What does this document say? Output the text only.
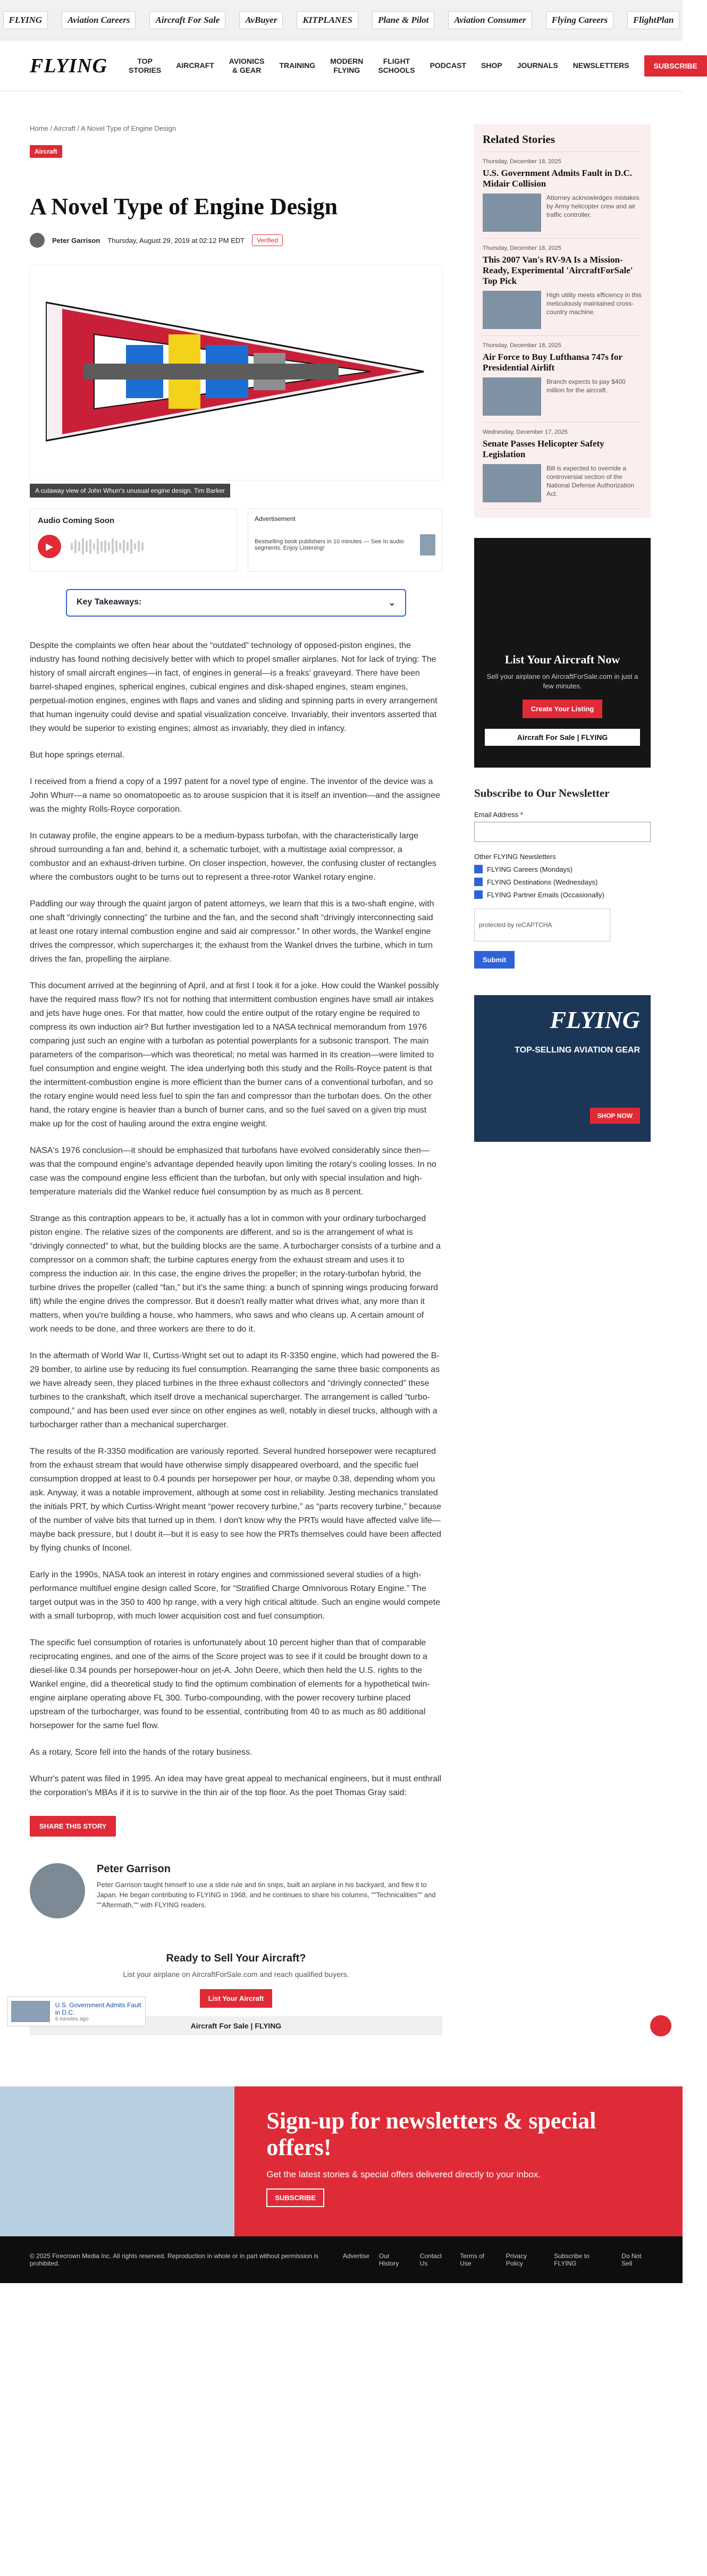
FLYING	Aviation Careers	Aircraft For Sale	AvBuyer	KITPLANES	Plane & Pilot	Aviation Consumer	Flying Careers	FlightPlan
FLYING	TOP STORIES
AIRCRAFT
AVIONICS & GEAR
TRAINING
MODERN FLYING
FLIGHT SCHOOLS
PODCAST SHOP JOURNALS NEWSLETTERS	SUBSCRIBE
Home / Aircraft / A Novel Type of Engine Design
Aircraft
A Novel Type of Engine Design
Peter Garrison Thursday, August 29, 2019 at 02:12 PM EDT	Verified
A cutaway view of John Whurr's unusual engine design. Tim Barker
Audio Coming Soon
▶
Advertisement
Bestselling book publishers in 10 minutes — See In audio segments. Enjoy Listening!
Key Takeaways:	⌄

Despite the complaints we often hear about the “outdated” technology of opposed-piston engines, the industry has found nothing decisively better with which to propel smaller airplanes. Not for lack of trying: The history of small aircraft engines—in fact, of engines in general—is a freaks' graveyard. There have been barrel-shaped engines, spherical engines, cubical engines and disk-shaped engines, steam engines, perpetual-motion engines, engines with flaps and vanes and sliding and spinning parts in every arrangement that human ingenuity could devise and spatial visualization conceive. Invariably, their inventors asserted that they would be superior to existing engines; almost as invariably, they died in infancy.

But hope springs eternal.

I received from a friend a copy of a 1997 patent for a novel type of engine. The inventor of the device was a John Whurr—a name so onomatopoetic as to arouse suspicion that it is itself an invention—and the assignee was the mighty Rolls-Royce corporation.

In cutaway profile, the engine appears to be a medium-bypass turbofan, with the characteristically large shroud surrounding a fan and, behind it, a schematic turbojet, with a multistage axial compressor, a combustor and an exhaust-driven turbine. On closer inspection, however, the confusing cluster of rectangles where the combustors ought to be turns out to represent a three-rotor Wankel rotary engine.

Paddling our way through the quaint jargon of patent attorneys, we learn that this is a two-shaft engine, with one shaft “drivingly connecting” the turbine and the fan, and the second shaft “drivingly interconnecting said at least one rotary internal combustion engine and said air compressor.” In other words, the Wankel engine drives the compressor, which supercharges it; the exhaust from the Wankel drives the turbine, which in turn drives the fan, propelling the airplane.

This document arrived at the beginning of April, and at first I took it for a joke. How could the Wankel possibly have the required mass flow? It's not for nothing that intermittent combustion engines have small air intakes and jets have huge ones. For that matter, how could the entire output of the rotary engine be required to compress its own induction air? But further investigation led to a NASA technical memorandum from 1976 comparing just such an engine with a turbofan as potential powerplants for a subsonic transport. The main parameters of the comparison—which was theoretical; no metal was harmed in its creation—were limited to fuel consumption and engine weight. The idea underlying both this study and the Rolls-Royce patent is that the intermittent-combustion engine is more efficient than the burner cans of a conventional turbofan, and so the rotary engine would need less fuel to spin the fan and compressor than the turbofan does. On the other hand, the rotary engine is heavier than a bunch of burner cans, and so the fuel saved on a given trip must make up for the cost of hauling around the extra engine weight.

NASA's 1976 conclusion—it should be emphasized that turbofans have evolved considerably since then—was that the compound engine's advantage depended heavily upon limiting the rotary's cooling losses. In no case was the compound engine less efficient than the turbofan, but only with special insulation and high-temperature materials did the Wankel reduce fuel consumption by as much as 8 percent.

Strange as this contraption appears to be, it actually has a lot in common with your ordinary turbocharged piston engine. The relative sizes of the components are different, and so is the arrangement of what is “drivingly connected” to what, but the building blocks are the same. A turbocharger consists of a turbine and a compressor on a common shaft; the turbine captures energy from the exhaust stream and uses it to compress the induction air. In this case, the engine drives the propeller; in the rotary-turbofan hybrid, the turbine drives the propeller (called “fan,” but it's the same thing: a bunch of spinning wings producing forward lift) while the engine drives the compressor. But it doesn't really matter what drives what, any more than it matters, when you're building a house, who hammers, who saws and who cleans up. A certain amount of work needs to be done, and three workers are there to do it.

In the aftermath of World War II, Curtiss-Wright set out to adapt its R-3350 engine, which had powered the B-29 bomber, to airline use by reducing its fuel consumption. Rearranging the same three basic components as we have already seen, they placed turbines in the three exhaust collectors and “drivingly connected” these turbines to the crankshaft, which itself drove a mechanical supercharger. The arrangement is called “turbo-compound,” and has been used ever since on other engines as well, notably in diesel trucks, although with a turbocharger rather than a mechanical supercharger.

The results of the R-3350 modification are variously reported. Several hundred horsepower were recaptured from the exhaust stream that would have otherwise simply disappeared overboard, and the specific fuel consumption dropped at least to 0.4 pounds per horsepower per hour, or maybe 0.38, depending whom you ask. Anyway, it was a notable improvement, although at some cost in reliability. Jesting mechanics translated the initials PRT, by which Curtiss-Wright meant “power recovery turbine,” as “parts recovery turbine,” because of the number of valve bits that turned up in them. I don't know why the PRTs would have affected valve life—maybe back pressure, but I doubt it—but it is easy to see how the PRTs themselves could have been affected by flying chunks of Inconel.

Early in the 1990s, NASA took an interest in rotary engines and commissioned several studies of a high-performance multifuel engine design called Score, for “Stratified Charge Omnivorous Rotary Engine.” The target output was in the 350 to 400 hp range, with a very high critical altitude. Such an engine would compete with a small turboprop, with much lower acquisition cost and fuel consumption.

The specific fuel consumption of rotaries is unfortunately about 10 percent higher than that of comparable reciprocating engines, and one of the aims of the Score project was to see if it could be brought down to a diesel-like 0.34 pounds per horsepower-hour on jet-A. John Deere, which then held the U.S. rights to the Wankel engine, did a theoretical study to find the optimum combination of elements for a hypothetical twin-engine airplane operating above FL 300. Turbo-compounding, with the power recovery turbine placed upstream of the turbocharger, was found to be essential, contributing from 40 to as much as 80 additional horsepower for the same fuel flow.

As a rotary, Score fell into the hands of the rotary business.

Whurr's patent was filed in 1995. An idea may have great appeal to mechanical engineers, but it must enthrall the corporation's MBAs if it is to survive in the thin air of the top floor. As the poet Thomas Gray said:

SHARE THIS STORY
Peter Garrison
Peter Garrison taught himself to use a slide rule and tin snips, built an airplane in his backyard, and flew it to Japan. He began contributing to FLYING in 1968, and he continues to share his columns, ""Technicalities"" and ""Aftermath,"" with FLYING readers.
Ready to Sell Your Aircraft?

List your airplane on AircraftForSale.com and reach qualified buyers.

List Your Aircraft
Aircraft For Sale | FLYING
Related Stories
Thursday, December 18, 2025
U.S. Government Admits Fault in D.C. Midair Collision
Attorney acknowledges mistakes by Army helicopter crew and air traffic controller.
Thursday, December 18, 2025
This 2007 Van's RV-9A Is a Mission-Ready, Experimental 'AircraftForSale' Top Pick
High utility meets efficiency in this meticulously maintained cross-country machine.
Thursday, December 18, 2025
Air Force to Buy Lufthansa 747s for Presidential Airlift
Branch expects to pay $400 million for the aircraft.
Wednesday, December 17, 2025
Senate Passes Helicopter Safety Legislation
Bill is expected to override a controversial section of the National Defense Authorization Act.
List Your Aircraft Now

Sell your airplane on AircraftForSale.com in just a few minutes.

Create Your Listing
Aircraft For Sale | FLYING
Subscribe to Our Newsletter
Email Address *
Other FLYING Newsletters
FLYING Careers (Mondays)
FLYING Destinations (Wednesdays)
FLYING Partner Emails (Occasionally)
protected by reCAPTCHA
Submit
FLYING
TOP-SELLING AVIATION GEAR
SHOP NOW
Sign-up for newsletters & special offers!

Get the latest stories & special offers delivered directly to your inbox.

SUBSCRIBE
© 2025 Firecrown Media Inc. All rights reserved. Reproduction in whole or in part without permission is prohibited.
Advertise Our History
Contact Us
Terms of Use
Privacy Policy
Subscribe to FLYING
Do Not Sell
U.S. Government Admits Fault in D.C.
6 minutes ago
